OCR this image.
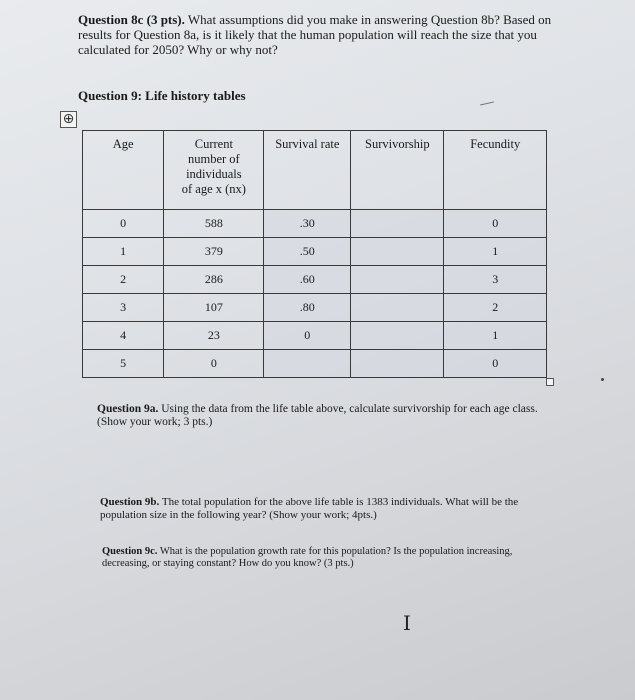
Question 8c (3 pts). What assumptions did you make in answering Question 8b? Based on results for Question 8a, is it likely that the human population will reach the size that you calculated for 2050? Why or why not?
Question 9: Life history tables
⊕
Age	Current number of individuals of age x (nx)	Survival rate	Survivorship	Fecundity
0	588	.30		0
1	379	.50		1
2	286	.60		3
3	107	.80		2
4	23	0		1
5	0			0
Question 9a. Using the data from the life table above, calculate survivorship for each age class. (Show your work; 3 pts.)
Question 9b. The total population for the above life table is 1383 individuals. What will be the population size in the following year? (Show your work; 4pts.)
Question 9c. What is the population growth rate for this population? Is the population increasing, decreasing, or staying constant? How do you know? (3 pts.)
I
